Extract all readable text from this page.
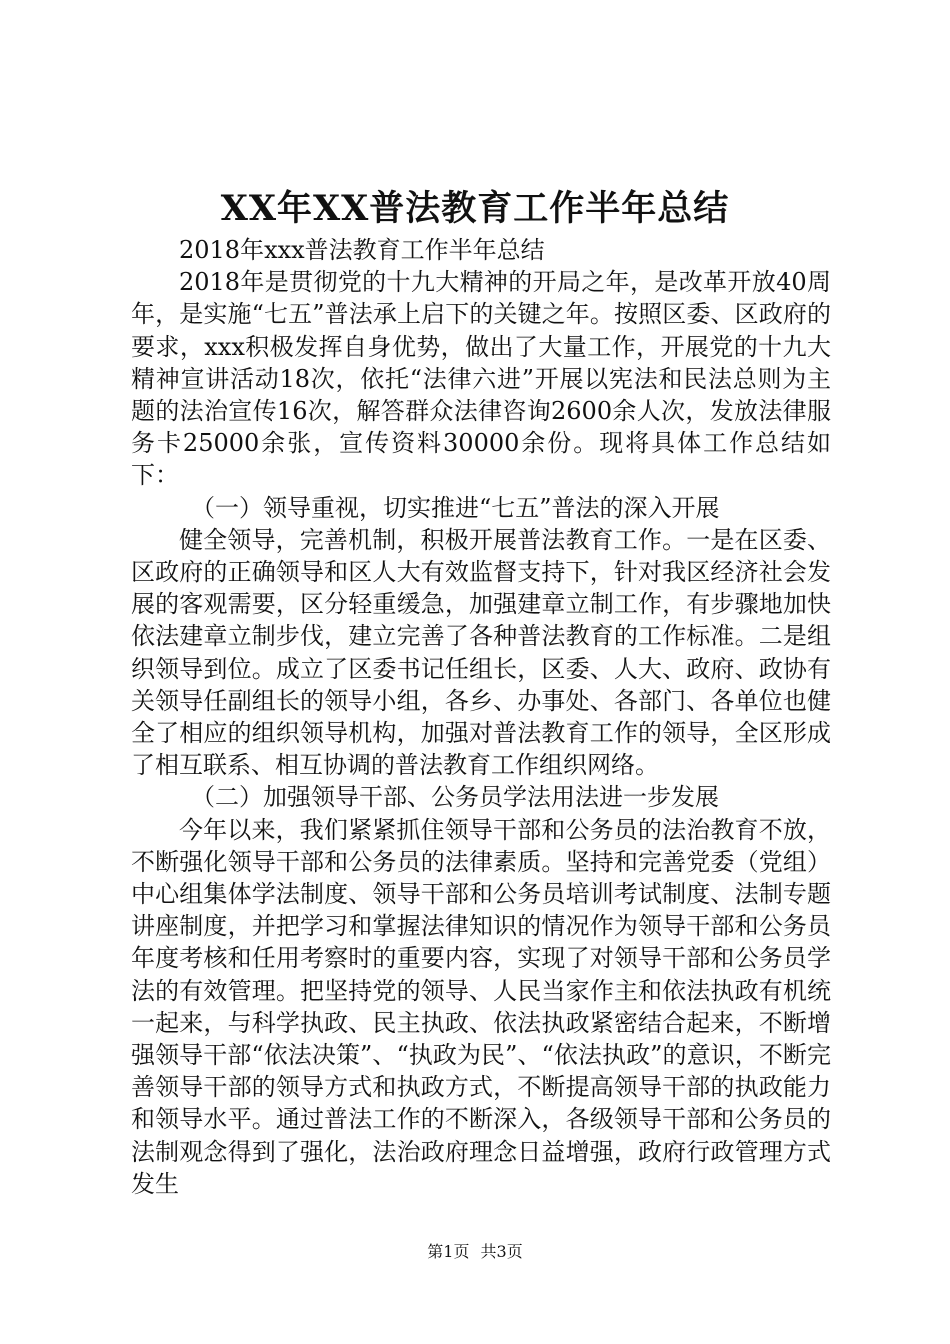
XX年XX普法教育工作半年总结

2018年xxx普法教育工作半年总结

2018年是贯彻党的十九大精神的开局之年，是改革开放40周年，是实施“七五”普法承上启下的关键之年。按照区委、区政府的要求，xxx积极发挥自身优势，做出了大量工作，开展党的十九大精神宣讲活动18次，依托“法律六进”开展以宪法和民法总则为主题的法治宣传16次，解答群众法律咨询2600余人次，发放法律服务卡25000余张，宣传资料30000余份。现将具体工作总结如下：

（一）领导重视，切实推进“七五”普法的深入开展

健全领导，完善机制，积极开展普法教育工作。一是在区委、区政府的正确领导和区人大有效监督支持下，针对我区经济社会发展的客观需要，区分轻重缓急，加强建章立制工作，有步骤地加快依法建章立制步伐，建立完善了各种普法教育的工作标准。二是组织领导到位。成立了区委书记任组长，区委、人大、政府、政协有关领导任副组长的领导小组，各乡、办事处、各部门、各单位也健全了相应的组织领导机构，加强对普法教育工作的领导，全区形成了相互联系、相互协调的普法教育工作组织网络。

（二）加强领导干部、公务员学法用法进一步发展

今年以来，我们紧紧抓住领导干部和公务员的法治教育不放，不断强化领导干部和公务员的法律素质。坚持和完善党委（党组）中心组集体学法制度、领导干部和公务员培训考试制度、法制专题讲座制度，并把学习和掌握法律知识的情况作为领导干部和公务员年度考核和任用考察时的重要内容，实现了对领导干部和公务员学法的有效管理。把坚持党的领导、人民当家作主和依法执政有机统一起来，与科学执政、民主执政、依法执政紧密结合起来，不断增强领导干部“依法决策”、“执政为民”、“依法执政”的意识，不断完善领导干部的领导方式和执政方式，不断提高领导干部的执政能力和领导水平。通过普法工作的不断深入，各级领导干部和公务员的法制观念得到了强化，法治政府理念日益增强，政府行政管理方式发生

第1页 共3页
